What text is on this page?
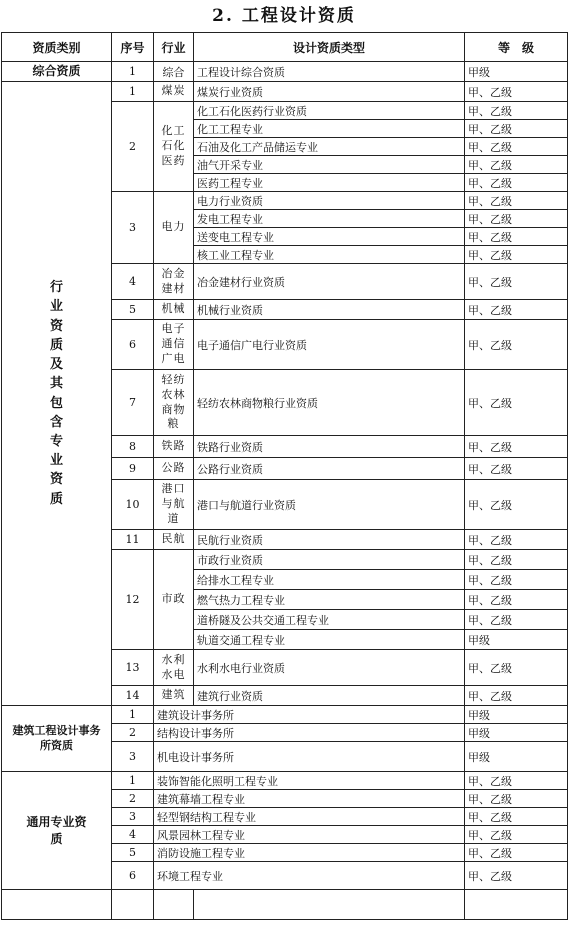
2. 工程设计资质
资质类别	序号	行业	设计资质类型	等　级
综合资质	1	综合	工程设计综合资质	甲级
行业资质及其包含专业资质	1	煤炭	煤炭行业资质	甲、乙级
	2	化工石化医药	化工石化医药行业资质	甲、乙级
			化工工程专业	甲、乙级
			石油及化工产品储运专业	甲、乙级
			油气开采专业	甲、乙级
			医药工程专业	甲、乙级
	3	电力	电力行业资质	甲、乙级
			发电工程专业	甲、乙级
			送变电工程专业	甲、乙级
			核工业工程专业	甲、乙级
	4	冶金建材	冶金建材行业资质	甲、乙级
	5	机械	机械行业资质	甲、乙级
	6	电子通信广电	电子通信广电行业资质	甲、乙级
	7	轻纺农林商物粮	轻纺农林商物粮行业资质	甲、乙级
	8	铁路	铁路行业资质	甲、乙级
	9	公路	公路行业资质	甲、乙级
	10	港口与航道	港口与航道行业资质	甲、乙级
	11	民航	民航行业资质	甲、乙级
	12	市政	市政行业资质	甲、乙级
			给排水工程专业	甲、乙级
			燃气热力工程专业	甲、乙级
			道桥隧及公共交通工程专业	甲、乙级
			轨道交通工程专业	甲级
	13	水利水电	水利水电行业资质	甲、乙级
	14	建筑	建筑行业资质	甲、乙级
建筑工程设计事务所资质	1	建筑设计事务所		甲级
	2	结构设计事务所		甲级
	3	机电设计事务所		甲级
通用专业资质	1	装饰智能化照明工程专业		甲、乙级
	2	建筑幕墙工程专业		甲、乙级
	3	轻型钢结构工程专业		甲、乙级
	4	风景园林工程专业		甲、乙级
	5	消防设施工程专业		甲、乙级
	6	环境工程专业		甲、乙级
